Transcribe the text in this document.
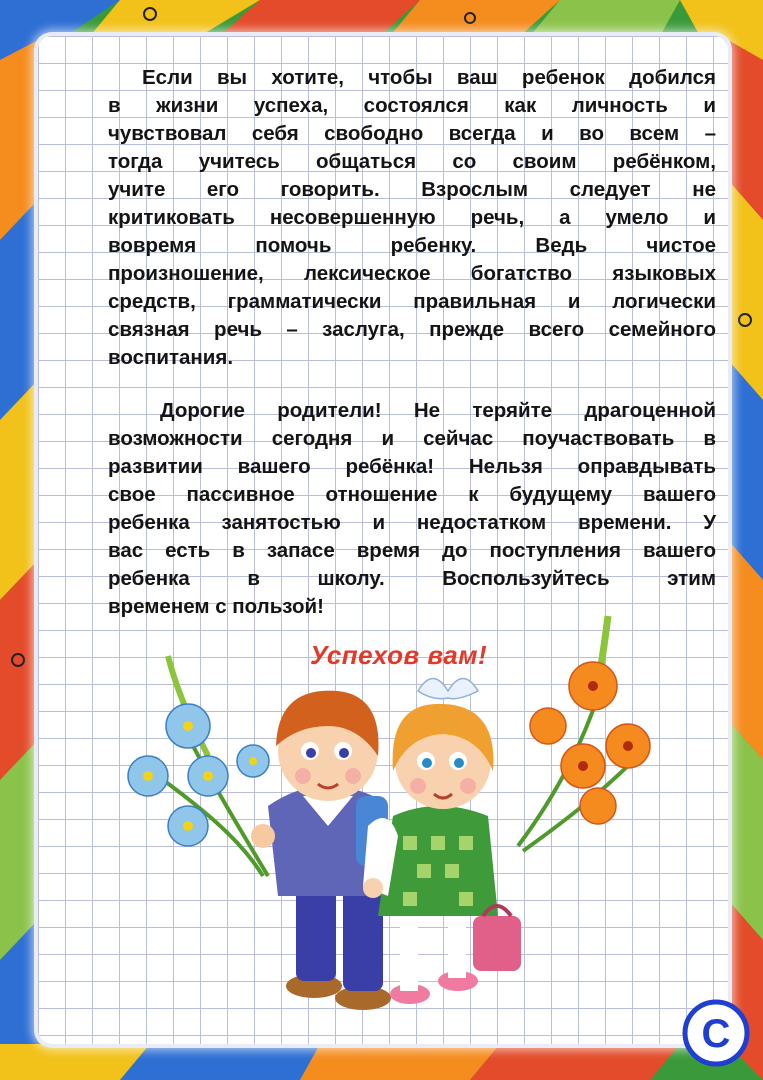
Если вы хотите, чтобы ваш ребенок добился
в жизни успеха, состоялся как личность и
чувствовал себя свободно всегда и во всем –
тогда учитесь общаться со своим ребёнком,
учите его говорить. Взрослым следует не
критиковать несовершенную речь, а умело и
вовремя помочь ребенку. Ведь чистое
произношение, лексическое богатство языковых
средств, грамматически правильная и логически
связная речь – заслуга, прежде всего семейного
воспитания.
Дорогие родители! Не теряйте драгоценной
возможности сегодня и сейчас поучаствовать в
развитии вашего ребёнка! Нельзя оправдывать
свое пассивное отношение к будущему вашего
ребенка занятостью и недостатком времени. У
вас есть в запасе время до поступления вашего
ребенка в школу. Воспользуйтесь этим
временем с пользой!
Успехов вам!
C
